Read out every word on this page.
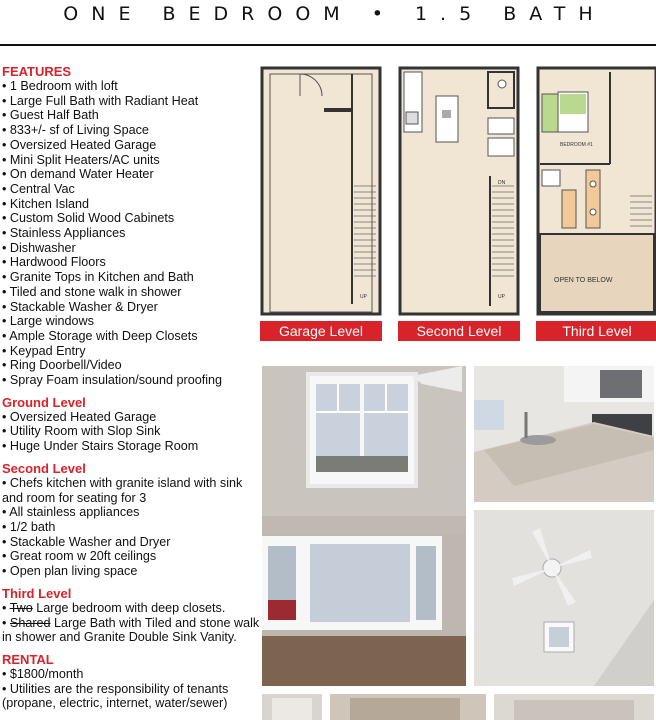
ONE BEDROOM • 1.5 BATH
FEATURES
• 1 Bedroom with loft
• Large Full Bath with Radiant Heat
• Guest Half Bath
• 833+/- sf of Living Space
• Oversized Heated Garage
• Mini Split Heaters/AC units
• On demand Water Heater
• Central Vac
• Kitchen Island
• Custom Solid Wood Cabinets
• Stainless Appliances
• Dishwasher
• Hardwood Floors
• Granite Tops in Kitchen and Bath
• Tiled and stone walk in shower
• Stackable Washer & Dryer
• Large windows
• Ample Storage with Deep Closets
• Keypad Entry
• Ring Doorbell/Video
• Spray Foam insulation/sound proofing
Ground Level
• Oversized Heated Garage
• Utility Room with Slop Sink
• Huge Under Stairs Storage Room
Second Level
• Chefs kitchen with granite island with sink and room for seating for 3
• All stainless appliances
• 1/2 bath
• Stackable Washer and Dryer
• Great room w 20ft ceilings
• Open plan living space
Third Level
• Two Large bedroom with deep closets.
• Shared Large Bath with Tiled and stone walk in shower and Granite Double Sink Vanity.
RENTAL
• $1800/month
• Utilities are the responsibility of tenants (propane, electric, internet, water/sewer)
UP
Garage Level
DN
UP
Second Level
BEDROOM #1
OPEN TO BELOW
Third Level
